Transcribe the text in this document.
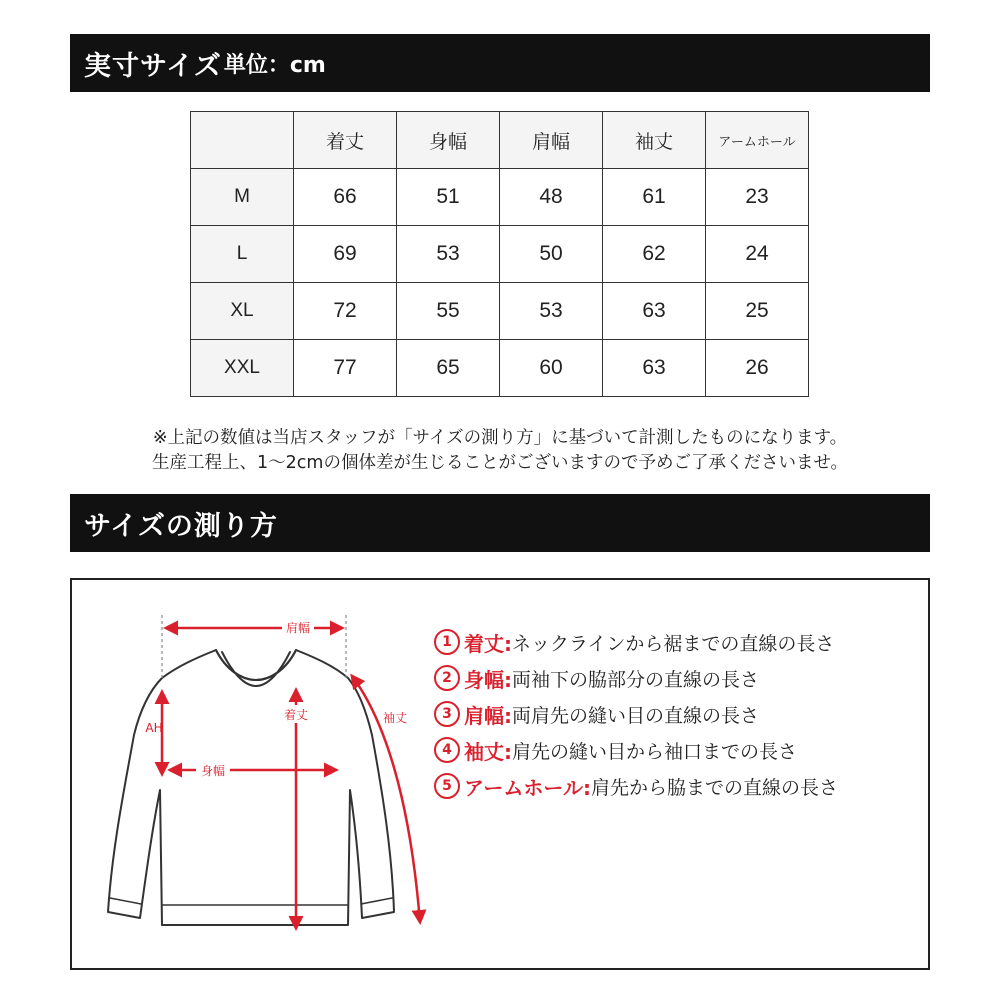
実寸サイズ 単位：cm
	着丈	身幅	肩幅	袖丈	アームホール
M	66	51	48	61	23
L	69	53	50	62	24
XL	72	55	53	63	25
XXL	77	65	60	63	26
※上記の数値は当店スタッフが「サイズの測り方」に基づいて計測したものになります。
生産工程上、1〜2cmの個体差が生じることがございますので予めご了承くださいませ。
サイズの測り方
肩幅
着丈	袖丈
AH
身幅
1 着丈: ネックラインから裾までの直線の長さ
2 身幅: 両袖下の脇部分の直線の長さ
3 肩幅: 両肩先の縫い目の直線の長さ
4 袖丈: 肩先の縫い目から袖口までの長さ
5 アームホール: 肩先から脇までの直線の長さ
